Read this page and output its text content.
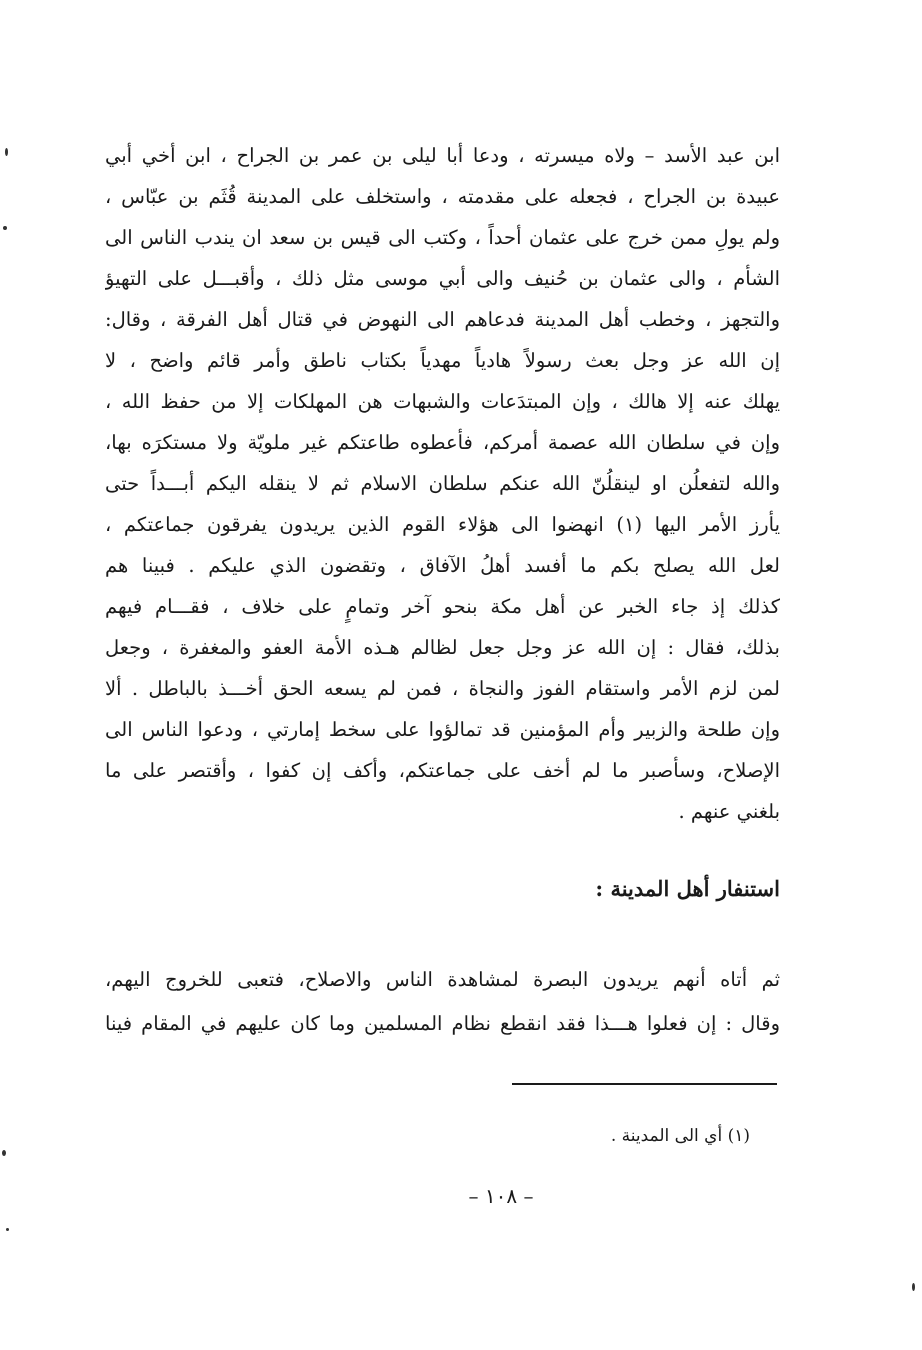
ابن عبد الأسد – ولاه ميسرته ، ودعا أبا ليلى بن عمر بن الجراح ، ابن أخي أبي
عبيدة بن الجراح ، فجعله على مقدمته ، واستخلف على المدينة قُثَم بن عبّاس ،
ولم يولِ ممن خرج على عثمان أحداً ، وكتب الى قيس بن سعد ان يندب الناس الى
الشأم ، والى عثمان بن حُنيف والى أبي موسى مثل ذلك ، وأقبـــل على التهيؤ
والتجهز ، وخطب أهل المدينة فدعاهم الى النهوض في قتال أهل الفرقة ، وقال:
إن الله عز وجل بعث رسولاً هادياً مهدياً بكتاب ناطق وأمر قائم واضح ، لا
يهلك عنه إلا هالك ، وإن المبتدَعات والشبهات هن المهلكات إلا من حفظ الله ،
وإن في سلطان الله عصمة أمركم، فأعطوه طاعتكم غير ملويّة ولا مستكرَه بها،
والله لتفعلُن او لينقلُنّ الله عنكم سلطان الاسلام ثم لا ينقله اليكم أبـــداً حتى
يأرز الأمر اليها (١) انهضوا الى هؤلاء القوم الذين يريدون يفرقون جماعتكم ،
لعل الله يصلح بكم ما أفسد أهلُ الآفاق ، وتقضون الذي عليكم . فبينا هم
كذلك إذ جاء الخبر عن أهل مكة بنحو آخر وتمامٍ على خلاف ، فقـــام فيهم
بذلك، فقال : إن الله عز وجل جعل لظالم هـذه الأمة العفو والمغفرة ، وجعل
لمن لزم الأمر واستقام الفوز والنجاة ، فمن لم يسعه الحق أخـــذ بالباطل . ألا
وإن طلحة والزبير وأم المؤمنين قد تمالؤوا على سخط إمارتي ، ودعوا الناس الى
الإصلاح، وسأصبر ما لم أخف على جماعتكم، وأكف إن كفوا ، وأقتصر على ما
بلغني عنهم .
استنفار أهل المدينة :
ثم أتاه أنهم يريدون البصرة لمشاهدة الناس والاصلاح، فتعبى للخروج اليهم،
وقال : إن فعلوا هـــذا فقد انقطع نظام المسلمين وما كان عليهم في المقام فينا
(١) أي الى المدينة .
– ١٠٨ –
